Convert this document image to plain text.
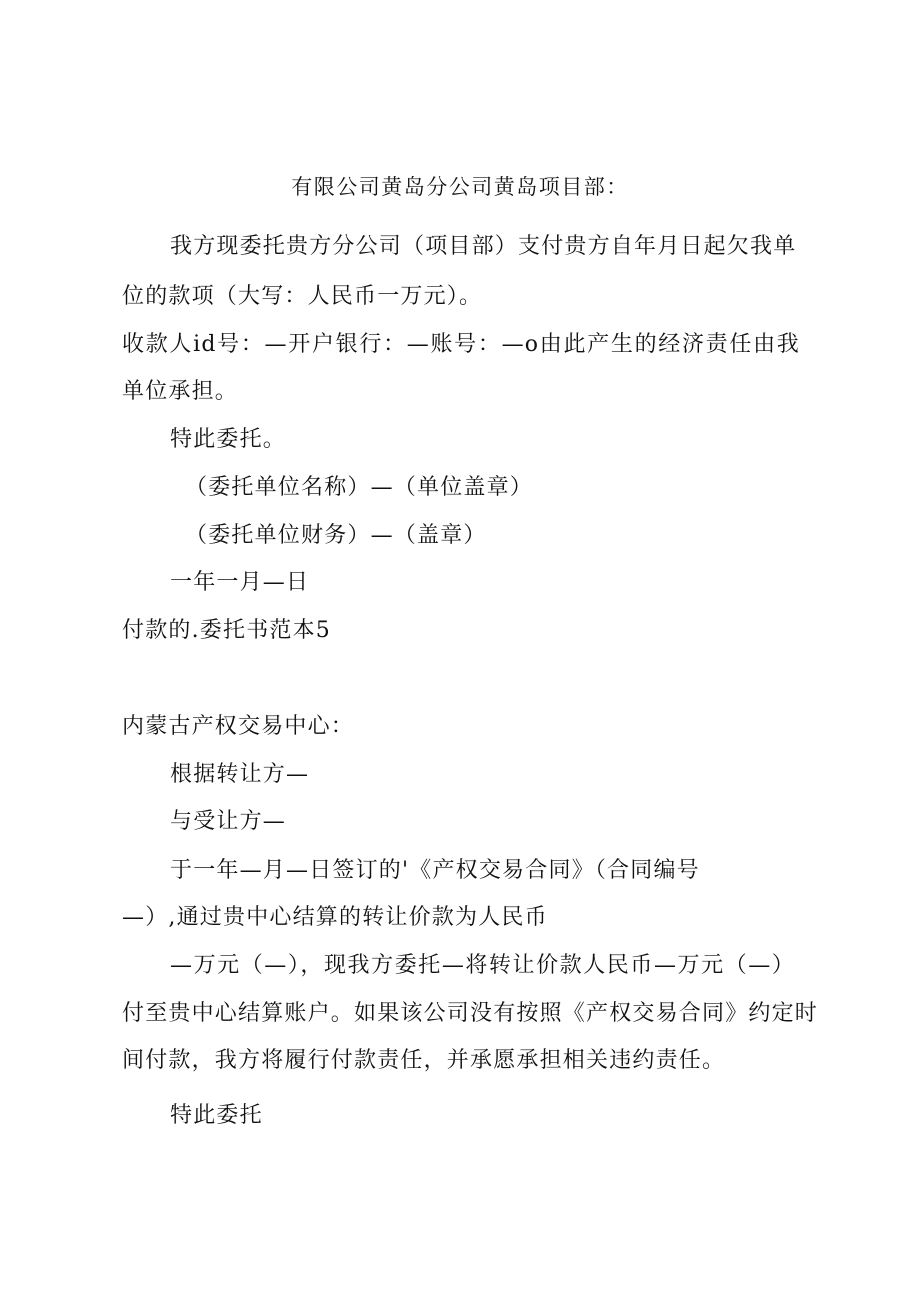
有限公司黄岛分公司黄岛项目部：
我方现委托贵方分公司（项目部）支付贵方自年月日起欠我单
位的款项（大写：人民币一万元）。
收款人id号：—开户银行：—账号：—o由此产生的经济责任由我
单位承担。
特此委托。
（委托单位名称）—（单位盖章）
（委托单位财务）—（盖章）
一年一月—日
付款的.委托书范本5
内蒙古产权交易中心：
根据转让方—
与受让方—
于一年—月—日签订的'《产权交易合同》（合同编号
—）,通过贵中心结算的转让价款为人民币
—万元（—），现我方委托—将转让价款人民币—万元（—）
付至贵中心结算账户。如果该公司没有按照《产权交易合同》约定时
间付款，我方将履行付款责任，并承愿承担相关违约责任。
特此委托
